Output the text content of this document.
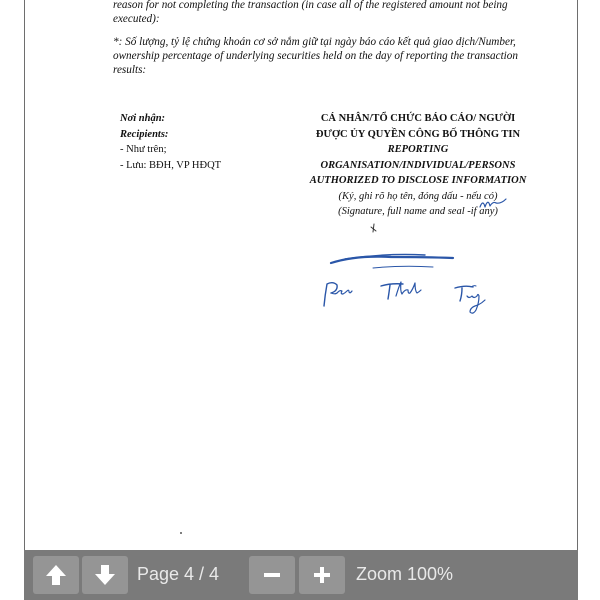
reason for not completing the transaction (in case all of the registered amount not being
executed):
*: Số lượng, tỷ lệ chứng khoán cơ sở nắm giữ tại ngày báo cáo kết quả giao dịch/Number,
ownership percentage of underlying securities held on the day of reporting the transaction
results:
Nơi nhận:
Recipients:
- Như trên;
- Lưu: BĐH, VP HĐQT
CÁ NHÂN/TỔ CHỨC BÁO CÁO/ NGƯỜI
ĐƯỢC ỦY QUYỀN CÔNG BỐ THÔNG TIN
REPORTING
ORGANISATION/INDIVIDUAL/PERSONS
AUTHORIZED TO DISCLOSE INFORMATION
(Ký, ghi rõ họ tên, đóng dấu - nếu có)
(Signature, full name and seal -if any)
Page 4 / 4	Zoom 100%
